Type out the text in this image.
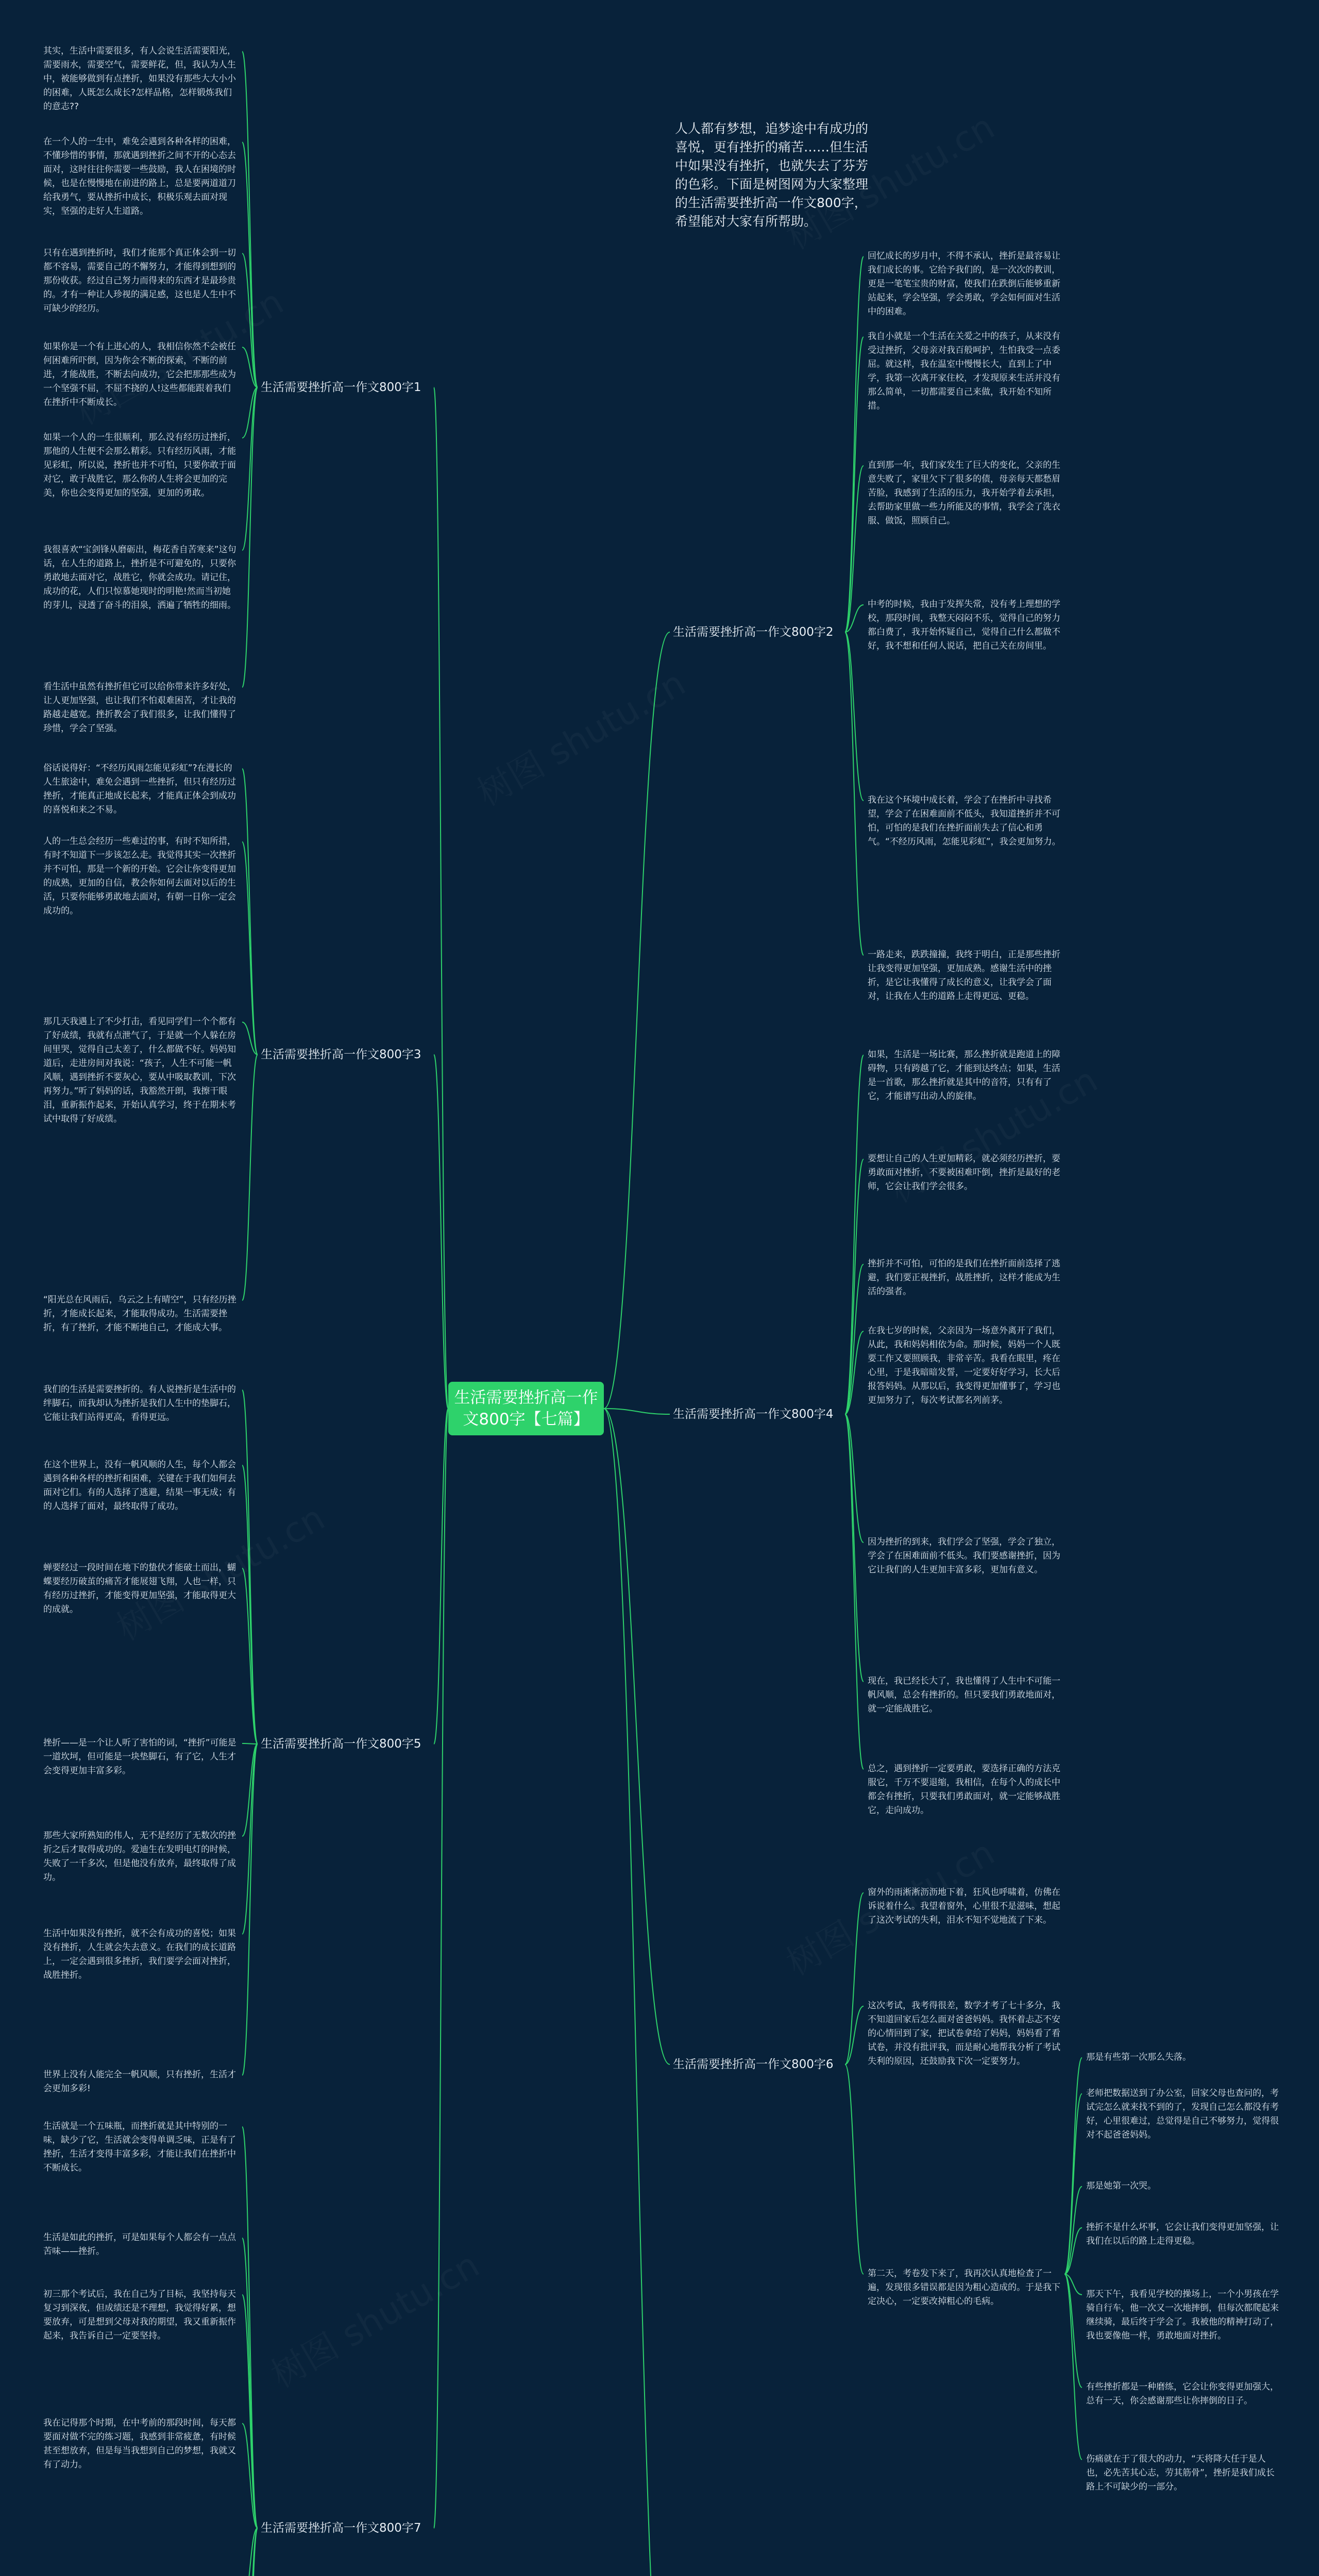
生活需要挫折高一作文800字【七篇】
人人都有梦想，追梦途中有成功的喜悦，更有挫折的痛苦……但生活中如果没有挫折，也就失去了芬芳的色彩。下面是树图网为大家整理的生活需要挫折高一作文800字，希望能对大家有所帮助。
生活需要挫折高一作文800字1
其实，生活中需要很多，有人会说生活需要阳光，需要雨水，需要空气，需要鲜花，但，我认为人生中，被能够做到有点挫折，如果没有那些大大小小的困难，人既怎么成长?怎样品格，怎样锻炼我们的意志??
在一个人的一生中，难免会遇到各种各样的困难，不懂珍惜的事情，那就遇到挫折之间不开的心态去面对，这时往往你需要一些鼓励，我人在困境的时候，也是在慢慢地在前进的路上，总是要两道道刀给我勇气，要从挫折中成长，积极乐观去面对现实，坚强的走好人生道路。
只有在遇到挫折时，我们才能那个真正体会到一切都不容易，需要自己的不懈努力，才能得到想到的那份收获。经过自己努力而得来的东西才是最珍贵的。才有一种让人珍视的满足感，这也是人生中不可缺少的经历。
如果你是一个有上进心的人，我相信你然不会被任何困难所吓倒，因为你会不断的探索，不断的前进，才能战胜，不断去向成功，它会把那那些成为一个坚强不屈，不屈不挠的人!这些都能跟着我们在挫折中不断成长。
如果一个人的一生很顺利，那么没有经历过挫折，那他的人生便不会那么精彩。只有经历风雨，才能见彩虹，所以说，挫折也并不可怕，只要你敢于面对它，敢于战胜它，那么你的人生将会更加的完美，你也会变得更加的坚强，更加的勇敢。
我很喜欢“宝剑锋从磨砺出，梅花香自苦寒来”这句话，在人生的道路上，挫折是不可避免的，只要你勇敢地去面对它，战胜它，你就会成功。请记住，成功的花，人们只惊慕她现时的明艳!然而当初她的芽儿，浸透了奋斗的泪泉，洒遍了牺牲的细雨。
看生活中虽然有挫折但它可以给你带来许多好处，让人更加坚强，也让我们不怕艰难困苦，才让我的路越走越宽。挫折教会了我们很多，让我们懂得了珍惜，学会了坚强。
生活需要挫折高一作文800字3
俗话说得好：“不经历风雨怎能见彩虹”?在漫长的人生旅途中，难免会遇到一些挫折，但只有经历过挫折，才能真正地成长起来，才能真正体会到成功的喜悦和来之不易。
人的一生总会经历一些难过的事，有时不知所措，有时不知道下一步该怎么走。我觉得其实一次挫折并不可怕，那是一个新的开始。它会让你变得更加的成熟，更加的自信，教会你如何去面对以后的生活，只要你能够勇敢地去面对，有朝一日你一定会成功的。
那几天我遇上了不少打击，看见同学们一个个都有了好成绩，我就有点泄气了，于是就一个人躲在房间里哭，觉得自己太差了，什么都做不好。妈妈知道后，走进房间对我说：“孩子，人生不可能一帆风顺，遇到挫折不要灰心，要从中吸取教训，下次再努力。”听了妈妈的话，我豁然开朗，我擦干眼泪，重新振作起来，开始认真学习，终于在期末考试中取得了好成绩。
“阳光总在风雨后，乌云之上有晴空”，只有经历挫折，才能成长起来，才能取得成功。生活需要挫折，有了挫折，才能不断地自己，才能成大事。
生活需要挫折高一作文800字5
我们的生活是需要挫折的。有人说挫折是生活中的绊脚石，而我却认为挫折是我们人生中的垫脚石，它能让我们站得更高，看得更远。
在这个世界上，没有一帆风顺的人生，每个人都会遇到各种各样的挫折和困难，关键在于我们如何去面对它们。有的人选择了逃避，结果一事无成；有的人选择了面对，最终取得了成功。
蝉要经过一段时间在地下的蛰伏才能破土而出，蝴蝶要经历破茧的痛苦才能展翅飞翔，人也一样，只有经历过挫折，才能变得更加坚强，才能取得更大的成就。
挫折——是一个让人听了害怕的词，“挫折”可能是一道坎坷，但可能是一块垫脚石，有了它，人生才会变得更加丰富多彩。
那些大家所熟知的伟人，无不是经历了无数次的挫折之后才取得成功的。爱迪生在发明电灯的时候，失败了一千多次，但是他没有放弃，最终取得了成功。
生活中如果没有挫折，就不会有成功的喜悦；如果没有挫折，人生就会失去意义。在我们的成长道路上，一定会遇到很多挫折，我们要学会面对挫折，战胜挫折。
世界上没有人能完全一帆风顺，只有挫折，生活才会更加多彩!
生活需要挫折高一作文800字7
生活就是一个五味瓶，而挫折就是其中特别的一味，缺少了它，生活就会变得单调乏味，正是有了挫折，生活才变得丰富多彩，才能让我们在挫折中不断成长。
生活是如此的挫折，可是如果每个人都会有一点点苦味——挫折。
初三那个考试后，我在自己为了目标，我坚持每天复习到深夜，但成绩还是不理想，我觉得好累，想要放弃，可是想到父母对我的期望，我又重新振作起来，我告诉自己一定要坚持。
我在记得那个时期，在中考前的那段时间，每天都要面对做不完的练习题，我感到非常疲惫，有时候甚至想放弃，但是每当我想到自己的梦想，我就又有了动力。
生活需要挫折高一作文800字2
回忆成长的岁月中，不得不承认，挫折是最容易让我们成长的事。它给予我们的，是一次次的教训，更是一笔笔宝贵的财富，使我们在跌倒后能够重新站起来，学会坚强，学会勇敢，学会如何面对生活中的困难。
我自小就是一个生活在关爱之中的孩子，从来没有受过挫折，父母亲对我百般呵护，生怕我受一点委屈。就这样，我在温室中慢慢长大，直到上了中学，我第一次离开家住校，才发现原来生活并没有那么简单，一切都需要自己来做，我开始不知所措。
直到那一年，我们家发生了巨大的变化，父亲的生意失败了，家里欠下了很多的债，母亲每天都愁眉苦脸，我感到了生活的压力，我开始学着去承担，去帮助家里做一些力所能及的事情，我学会了洗衣服、做饭，照顾自己。
中考的时候，我由于发挥失常，没有考上理想的学校，那段时间，我整天闷闷不乐，觉得自己的努力都白费了，我开始怀疑自己，觉得自己什么都做不好，我不想和任何人说话，把自己关在房间里。
我在这个环境中成长着，学会了在挫折中寻找希望，学会了在困难面前不低头，我知道挫折并不可怕，可怕的是我们在挫折面前失去了信心和勇气。“不经历风雨，怎能见彩虹”，我会更加努力。
一路走来，跌跌撞撞，我终于明白，正是那些挫折让我变得更加坚强，更加成熟。感谢生活中的挫折，是它让我懂得了成长的意义，让我学会了面对，让我在人生的道路上走得更远、更稳。
生活需要挫折高一作文800字4
如果，生活是一场比赛，那么挫折就是跑道上的障碍物，只有跨越了它，才能到达终点；如果，生活是一首歌，那么挫折就是其中的音符，只有有了它，才能谱写出动人的旋律。
要想让自己的人生更加精彩，就必须经历挫折，要勇敢面对挫折，不要被困难吓倒，挫折是最好的老师，它会让我们学会很多。
挫折并不可怕，可怕的是我们在挫折面前选择了逃避，我们要正视挫折，战胜挫折，这样才能成为生活的强者。
在我七岁的时候，父亲因为一场意外离开了我们，从此，我和妈妈相依为命。那时候，妈妈一个人既要工作又要照顾我，非常辛苦。我看在眼里，疼在心里，于是我暗暗发誓，一定要好好学习，长大后报答妈妈。从那以后，我变得更加懂事了，学习也更加努力了，每次考试都名列前茅。
因为挫折的到来，我们学会了坚强，学会了独立，学会了在困难面前不低头。我们要感谢挫折，因为它让我们的人生更加丰富多彩，更加有意义。
现在，我已经长大了，我也懂得了人生中不可能一帆风顺，总会有挫折的。但只要我们勇敢地面对，就一定能战胜它。
总之，遇到挫折一定要勇敢，要选择正确的方法克服它，千万不要退缩，我相信，在每个人的成长中都会有挫折，只要我们勇敢面对，就一定能够战胜它，走向成功。
生活需要挫折高一作文800字6
窗外的雨淅淅沥沥地下着，狂风也呼啸着，仿佛在诉说着什么。我望着窗外，心里很不是滋味，想起了这次考试的失利，泪水不知不觉地流了下来。
这次考试，我考得很差，数学才考了七十多分，我不知道回家后怎么面对爸爸妈妈。我怀着忐忑不安的心情回到了家，把试卷拿给了妈妈，妈妈看了看试卷，并没有批评我，而是耐心地帮我分析了考试失利的原因，还鼓励我下次一定要努力。
第二天，考卷发下来了，我再次认真地检查了一遍，发现很多错误都是因为粗心造成的。于是我下定决心，一定要改掉粗心的毛病。
那是有些第一次那么失落。
老师把数据送到了办公室，回家父母也查问的，考试完怎么就来找不到的了，发现自己怎么都没有考好，心里很难过，总觉得是自己不够努力，觉得很对不起爸爸妈妈。
那是她第一次哭。
挫折不是什么坏事，它会让我们变得更加坚强，让我们在以后的路上走得更稳。
那天下午，我看见学校的操场上，一个小男孩在学骑自行车，他一次又一次地摔倒，但每次都爬起来继续骑，最后终于学会了。我被他的精神打动了，我也要像他一样，勇敢地面对挫折。
有些挫折都是一种磨练，它会让你变得更加强大，总有一天，你会感谢那些让你摔倒的日子。
伤痛就在于了很大的动力，“天将降大任于是人也，必先苦其心志，劳其筋骨”，挫折是我们成长路上不可缺少的一部分。
